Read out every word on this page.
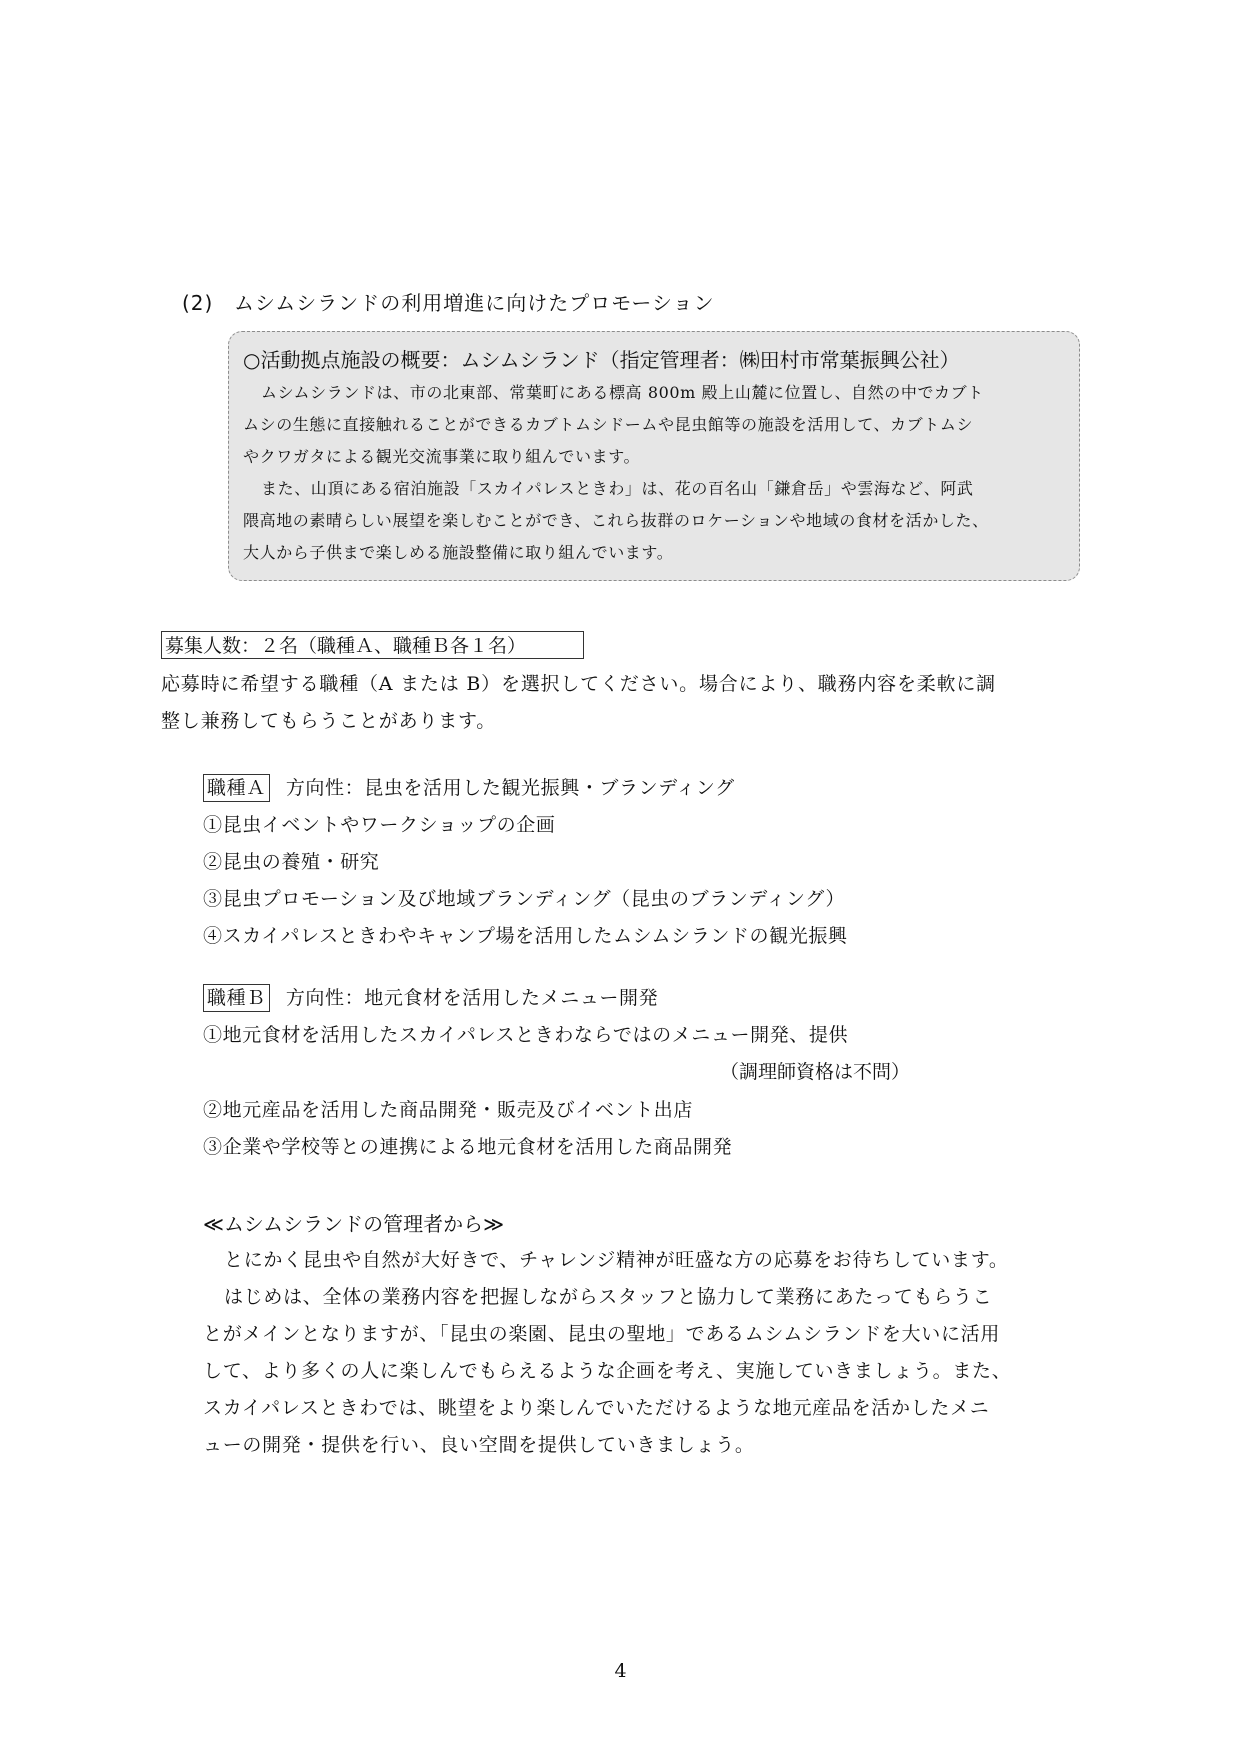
(2) ムシムシランドの利用増進に向けたプロモーション
○活動拠点施設の概要：ムシムシランド（指定管理者：㈱田村市常葉振興公社）
ムシムシランドは、市の北東部、常葉町にある標高 800m 殿上山麓に位置し、自然の中でカブト
ムシの生態に直接触れることができるカブトムシドームや昆虫館等の施設を活用して、カブトムシ
やクワガタによる観光交流事業に取り組んでいます。
また、山頂にある宿泊施設「スカイパレスときわ」は、花の百名山「鎌倉岳」や雲海など、阿武
隈高地の素晴らしい展望を楽しむことができ、これら抜群のロケーションや地域の食材を活かした、
大人から子供まで楽しめる施設整備に取り組んでいます。
募集人数：２名（職種Ａ、職種Ｂ各１名）
応募時に希望する職種（A または B）を選択してください。場合により、職務内容を柔軟に調
整し兼務してもらうことがあります。
職種Ａ 方向性：昆虫を活用した観光振興・ブランディング
①昆虫イベントやワークショップの企画
②昆虫の養殖・研究
③昆虫プロモーション及び地域ブランディング（昆虫のブランディング）
④スカイパレスときわやキャンプ場を活用したムシムシランドの観光振興
職種Ｂ 方向性：地元食材を活用したメニュー開発
①地元食材を活用したスカイパレスときわならではのメニュー開発、提供
（調理師資格は不問）
②地元産品を活用した商品開発・販売及びイベント出店
③企業や学校等との連携による地元食材を活用した商品開発
≪ムシムシランドの管理者から≫
とにかく昆虫や自然が大好きで、チャレンジ精神が旺盛な方の応募をお待ちしています。
はじめは、全体の業務内容を把握しながらスタッフと協力して業務にあたってもらうこ
とがメインとなりますが、「昆虫の楽園、昆虫の聖地」であるムシムシランドを大いに活用
して、より多くの人に楽しんでもらえるような企画を考え、実施していきましょう。また、
スカイパレスときわでは、眺望をより楽しんでいただけるような地元産品を活かしたメニ
ューの開発・提供を行い、良い空間を提供していきましょう。
4
